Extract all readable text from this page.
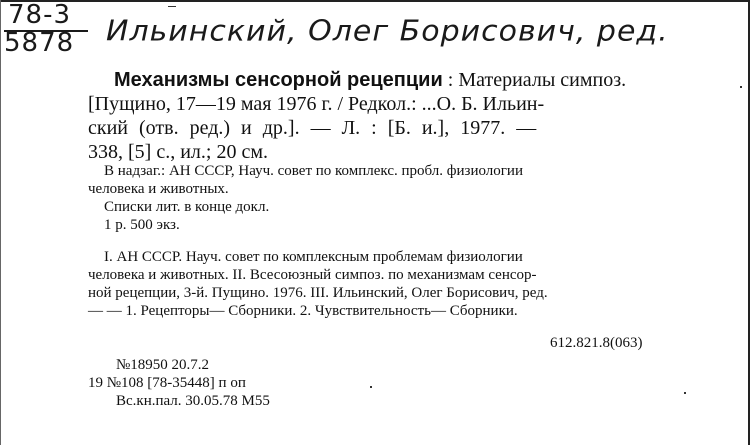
78-3
5878 Ильинский, Олег Борисович, ред.
Механизмы сенсорной рецепции : Материалы симпоз.
[Пущино, 17—19 мая 1976 г. / Редкол.: ...О. Б. Ильин-
ский (отв. ред.) и др.]. — Л. : [Б. и.], 1977. —
338, [5] с., ил.; 20 см.
В надзаг.: АН СССР, Науч. совет по комплекс. пробл. физиологии
человека и животных.
Списки лит. в конце докл.
1 р. 500 экз.
I. АН СССР. Науч. совет по комплексным проблемам физиологии
человека и животных. II. Всесоюзный симпоз. по механизмам сенсор-
ной рецепции, 3-й. Пущино. 1976. III. Ильинский, Олег Борисович, ред.
— — 1. Рецепторы— Сборники. 2. Чувствительность— Сборники.
612.821.8(063)
№18950 20.7.2
19 №108 [78-35448] п оп
Вс.кн.пал. 30.05.78 М55
